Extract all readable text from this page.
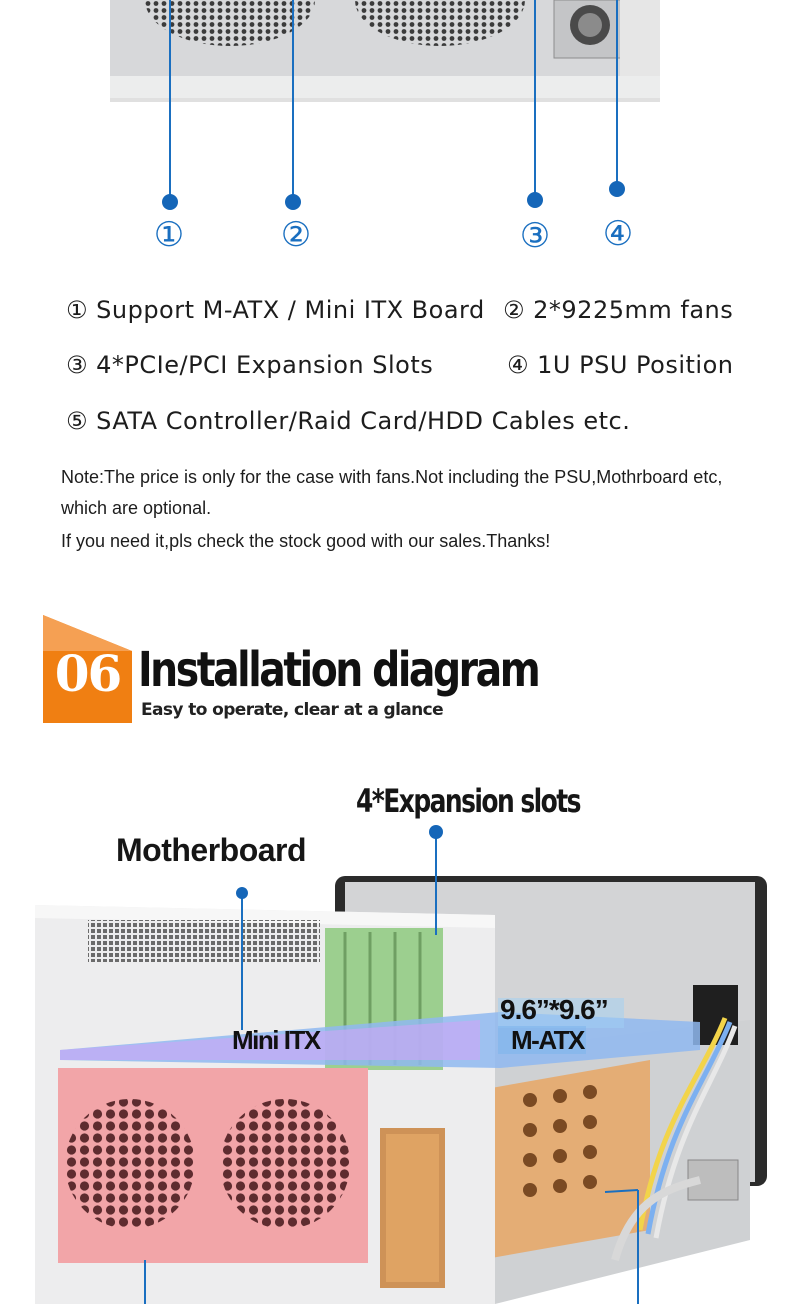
①	②	③ ④
① Support M-ATX / Mini ITX Board ② 2*9225mm fans
③ 4*PCIe/PCI Expansion Slots	④ 1U PSU Position
⑤ SATA Controller/Raid Card/HDD Cables etc.
Note:The price is only for the case with fans.Not including the PSU,Mothrboard etc,
which are optional.
If you need it,pls check the stock good with our sales.Thanks!
06 Installation diagram
Easy to operate, clear at a glance
4*Expansion slots
Motherboard
9.6”*9.6”
Mini ITX	M-ATX
